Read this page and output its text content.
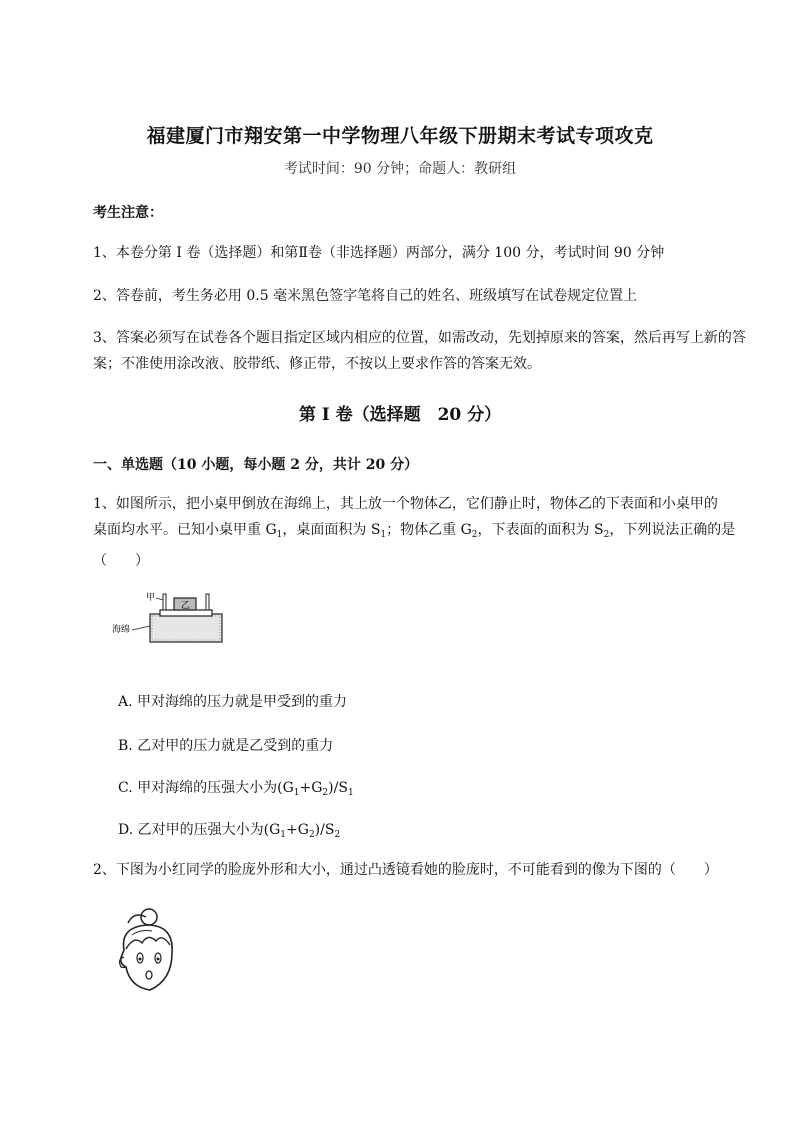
福建厦门市翔安第一中学物理八年级下册期末考试专项攻克
考试时间：90 分钟；命题人：教研组
考生注意：
1、本卷分第 I 卷（选择题）和第Ⅱ卷（非选择题）两部分，满分 100 分，考试时间 90 分钟
2、答卷前，考生务必用 0.5 毫米黑色签字笔将自己的姓名、班级填写在试卷规定位置上
3、答案必须写在试卷各个题目指定区域内相应的位置，如需改动，先划掉原来的答案，然后再写上新的答案；不准使用涂改液、胶带纸、修正带，不按以上要求作答的答案无效。
第 I 卷（选择题　20 分）
一、单选题（10 小题，每小题 2 分，共计 20 分）
1、如图所示，把小桌甲倒放在海绵上，其上放一个物体乙，它们静止时，物体乙的下表面和小桌甲的
桌面均水平。已知小桌甲重 $G_1$，桌面面积为 $S_1$；物体乙重 $G_2$，下表面的面积为 $S_2$，下列说法正确的是
（　　）
乙
甲
海绵
A. 甲对海绵的压力就是甲受到的重力
B. 乙对甲的压力就是乙受到的重力
C. 甲对海绵的压强大小为$(G_1+G_2)/S_1$
D. 乙对甲的压强大小为$(G_1+G_2)/S_2$
2、下图为小红同学的脸庞外形和大小，通过凸透镜看她的脸庞时，不可能看到的像为下图的（　　）
